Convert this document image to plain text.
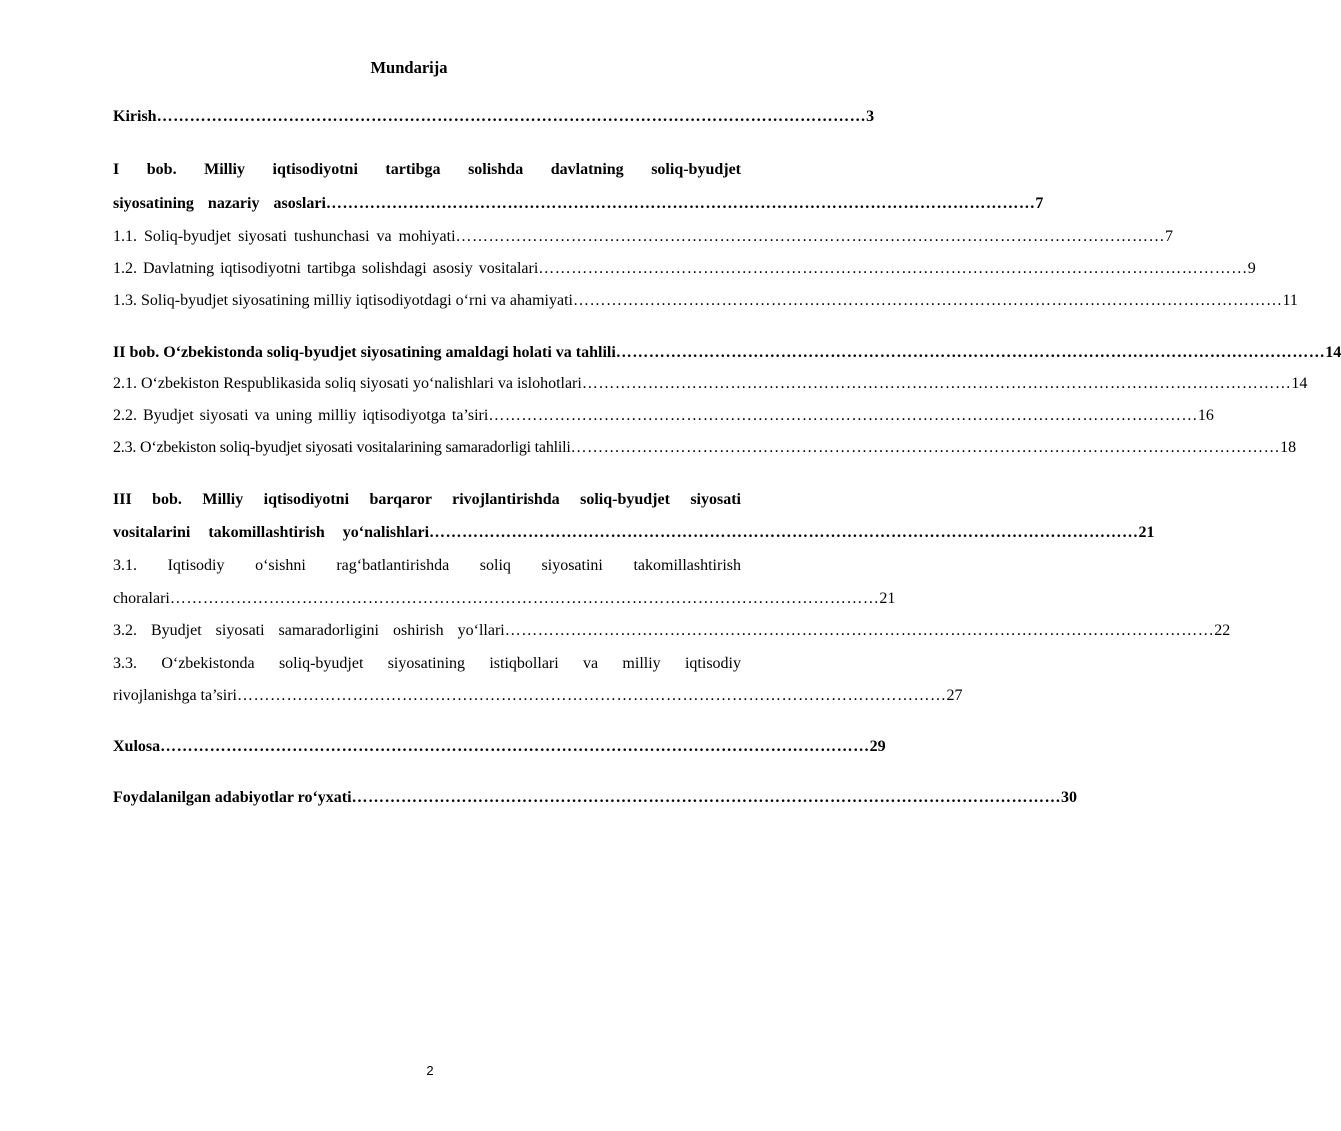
Mundarija
Kirish ………………………………………………………………………………………………………………… 3
I bob. Milliy iqtisodiyotni tartibga solishda davlatning soliq-byudjet
siyosatining nazariy asoslari ………………………………………………………………………………………………………………… 7
1.1. Soliq-byudjet siyosati tushunchasi va mohiyati ………………………………………………………………………………………………………………… 7
1.2. Davlatning iqtisodiyotni tartibga solishdagi asosiy vositalari ………………………………………………………………………………………………………………… 9
1.3. Soliq-byudjet siyosatining milliy iqtisodiyotdagi o‘rni va ahamiyati ………………………………………………………………………………………………………………… 11
II bob. O‘zbekistonda soliq-byudjet siyosatining amaldagi holati va tahlili ………………………………………………………………………………………………………………… 14
2.1. O‘zbekiston Respublikasida soliq siyosati yo‘nalishlari va islohotlari ………………………………………………………………………………………………………………… 14
2.2. Byudjet siyosati va uning milliy iqtisodiyotga ta’siri ………………………………………………………………………………………………………………… 16
2.3. O‘zbekiston soliq-byudjet siyosati vositalarining samaradorligi tahlili ………………………………………………………………………………………………………………… 18
III bob. Milliy iqtisodiyotni barqaror rivojlantirishda soliq-byudjet siyosati
vositalarini takomillashtirish yo‘nalishlari ………………………………………………………………………………………………………………… 21
3.1. Iqtisodiy o‘sishni rag‘batlantirishda soliq siyosatini takomillashtirish
choralari ………………………………………………………………………………………………………………… 21
3.2. Byudjet siyosati samaradorligini oshirish yo‘llari ………………………………………………………………………………………………………………… 22
3.3. O‘zbekistonda soliq-byudjet siyosatining istiqbollari va milliy iqtisodiy
rivojlanishga ta’siri ………………………………………………………………………………………………………………… 27
Xulosa ………………………………………………………………………………………………………………… 29
Foydalanilgan adabiyotlar ro‘yxati ………………………………………………………………………………………………………………… 30
2
